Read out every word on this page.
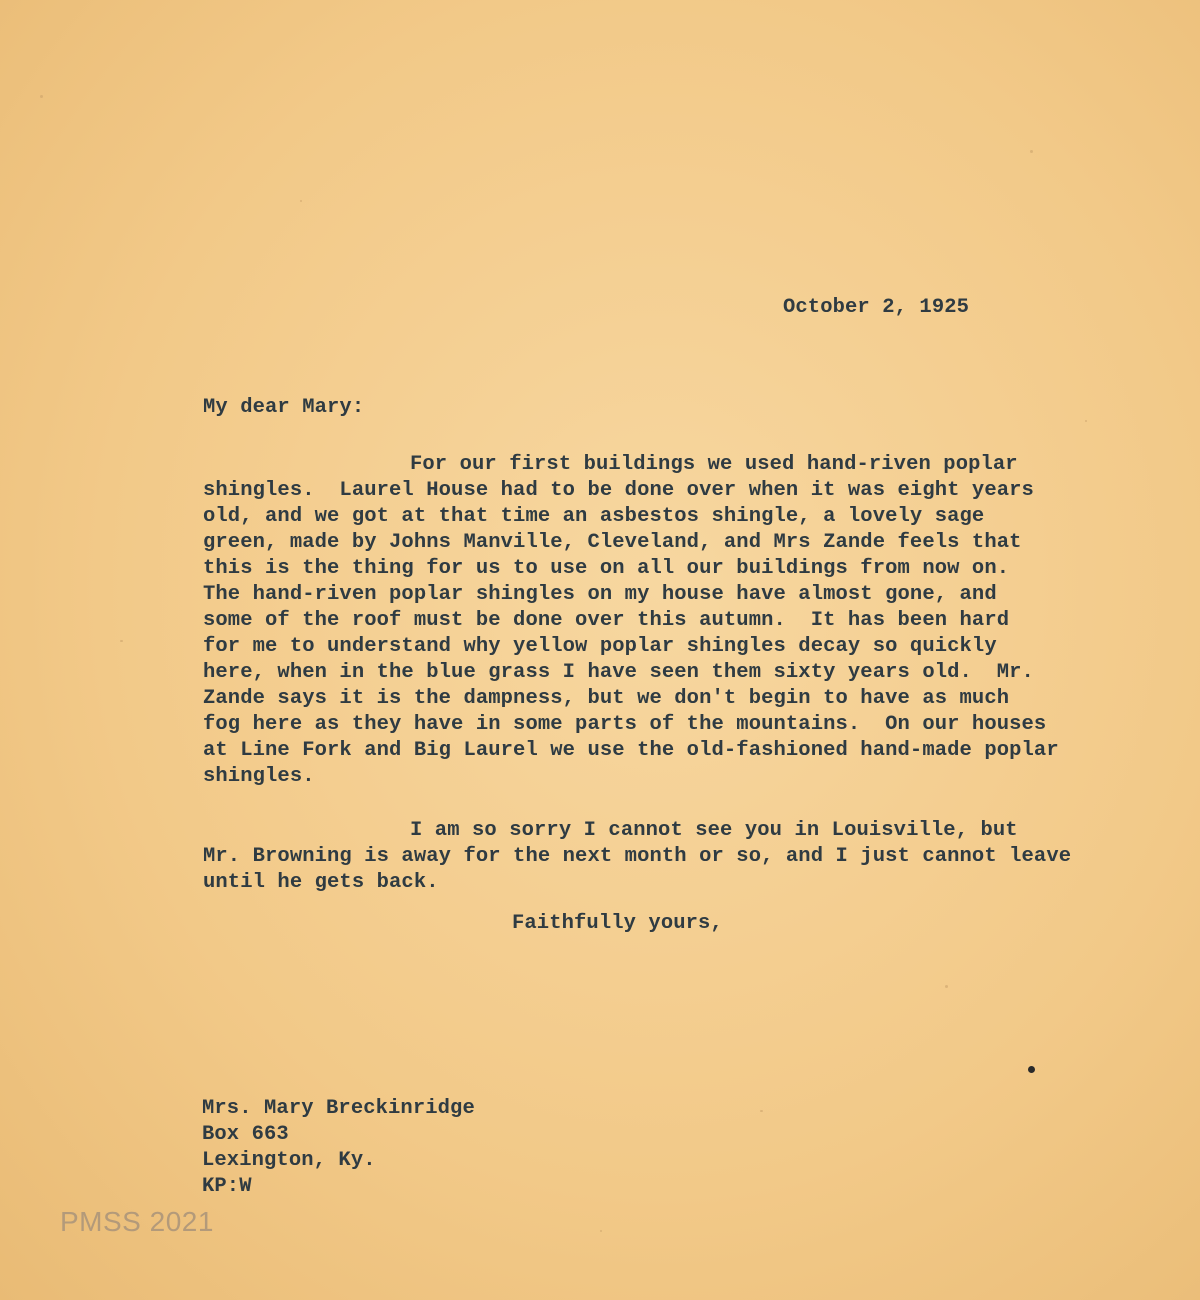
October 2, 1925

My dear Mary:

For our first buildings we used hand-riven poplar

shingles.  Laurel House had to be done over when it was eight years

old, and we got at that time an asbestos shingle, a lovely sage

green, made by Johns Manville, Cleveland, and Mrs Zande feels that

this is the thing for us to use on all our buildings from now on.

The hand-riven poplar shingles on my house have almost gone, and

some of the roof must be done over this autumn.  It has been hard

for me to understand why yellow poplar shingles decay so quickly

here, when in the blue grass I have seen them sixty years old.  Mr.

Zande says it is the dampness, but we don't begin to have as much

fog here as they have in some parts of the mountains.  On our houses

at Line Fork and Big Laurel we use the old-fashioned hand-made poplar

shingles.

I am so sorry I cannot see you in Louisville, but

Mr. Browning is away for the next month or so, and I just cannot leave

until he gets back.

Faithfully yours,

Mrs. Mary Breckinridge

Box 663

Lexington, Ky.

KP:W

PMSS 2021
